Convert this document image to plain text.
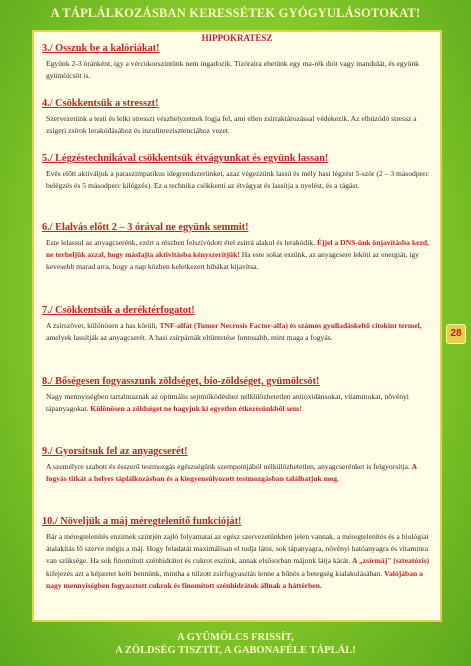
A TÁPLÁLKOZÁSBAN KERESSÉTEK GYÓGYULÁSOTOKAT!
HIPPOKRATESZ
3./ Osszuk be a kalóriákat!
Együnk 2-3 óránként, így a vércukorszintünk nem ingadozik. Tízóraira ehetünk egy ma-rék diót vagy mandulát, és együnk gyümölcsöt is.
4./ Csökkentsük a stresszt!
Szervezetünk a testi és lelki stresszt vészhelyzetnek fogja fel, ami ellen zsírraktározással védekezik. Az elhúzódó stressz a zsigeri zsírok lerakódásához és inzulinrezisztenciához vezet.
5./ Légzéstechnikával csökkentsük étvágyunkat és együnk lassan!
Evés előtt aktiváljuk a paraszimpatikus idegrendszerünket, azaz végezzünk lassú és mély hasi légzést 5-ször (2 – 3 másodperc belégzés és 5 másodperc kilégzés). Ez a technika csökkenti az étvágyat és lassítja a nyelést, és a rágást.
6./ Elalvás előtt 2 – 3 órával ne együnk semmit!
Este lelassul az anyagcserénk, ezért a részben felszívódott étel zsírrá alakul és lerakódik. Éjjel a DNS-ünk önjavításba kezd, ne terheljük azzal, hogy másfajta aktivitásba kényszerítjük! Ha este sokat eszünk, az anyagcsere leköti az energiát, így kevesebb marad arra, hogy a nap közben keletkezett hibákat kijavítsa.
7./ Csökkentsük a deréktérfogatot!
A zsírszövet, különösen a has körüli, TNF-alfát (Tumor Necrosis Factor-alfa) és számos gyulladáskeltő citokint termel, amelyek lassítják az anyagcserét. A hasi zsírpárnák eltüntetése fontosabb, mint maga a fogyás.
8./ Bőségesen fogyasszunk zöldséget, bio-zöldséget, gyümölcsöt!
Nagy mennyiségben tartalmaznak az optimális sejtműködéshez nélkülözhetetlen antioxidánsokat, vitaminokat, növényi tápanyagokat. Különösen a zöldséget ne hagyjuk ki egyetlen étkezésünkből sem!
9./ Gyorsítsuk fel az anyagcserét!
A személyre szabott és ésszerű testmozgás egészségünk szempontjából nélkülözhetetlen, anyagcserénket is felgyorsítja. A fogyás titkát a helyes táplálkozásban és a kiegyensúlyozott testmozgásban találhatjuk meg.
10./ Növeljük a máj méregtelenítő funkcióját!
Bár a méregtelenítés enzimek szintjén zajló folyamatai az egész szervezetünkben jelen vannak, a méregtelenítés és a biológiai átalakítás fő szerve mégis a máj. Hogy feladatát maximálisan el tudja látni, sok tápanyagra, növényi hatóanyagra és vitaminra van szüksége. Ha sok finomított szénhidrátot és cukrot eszünk, annak elsősorban májunk látja kárát. A „zsírmáj" (szteatózis) kifejezés azt a képzetet kelti bennünk, mintha a túlzott zsírfogyasztás lenne a bűnös a betegség kialakulásában. Valójában a nagy mennyiségben fogyasztott cukrok és finomított szénhidrátok állnak a háttérben.
28
A GYÜMÖLCS FRISSÍT,
A ZÖLDSÉG TISZTÍT, A GABONAFÉLE TÁPLÁL!
